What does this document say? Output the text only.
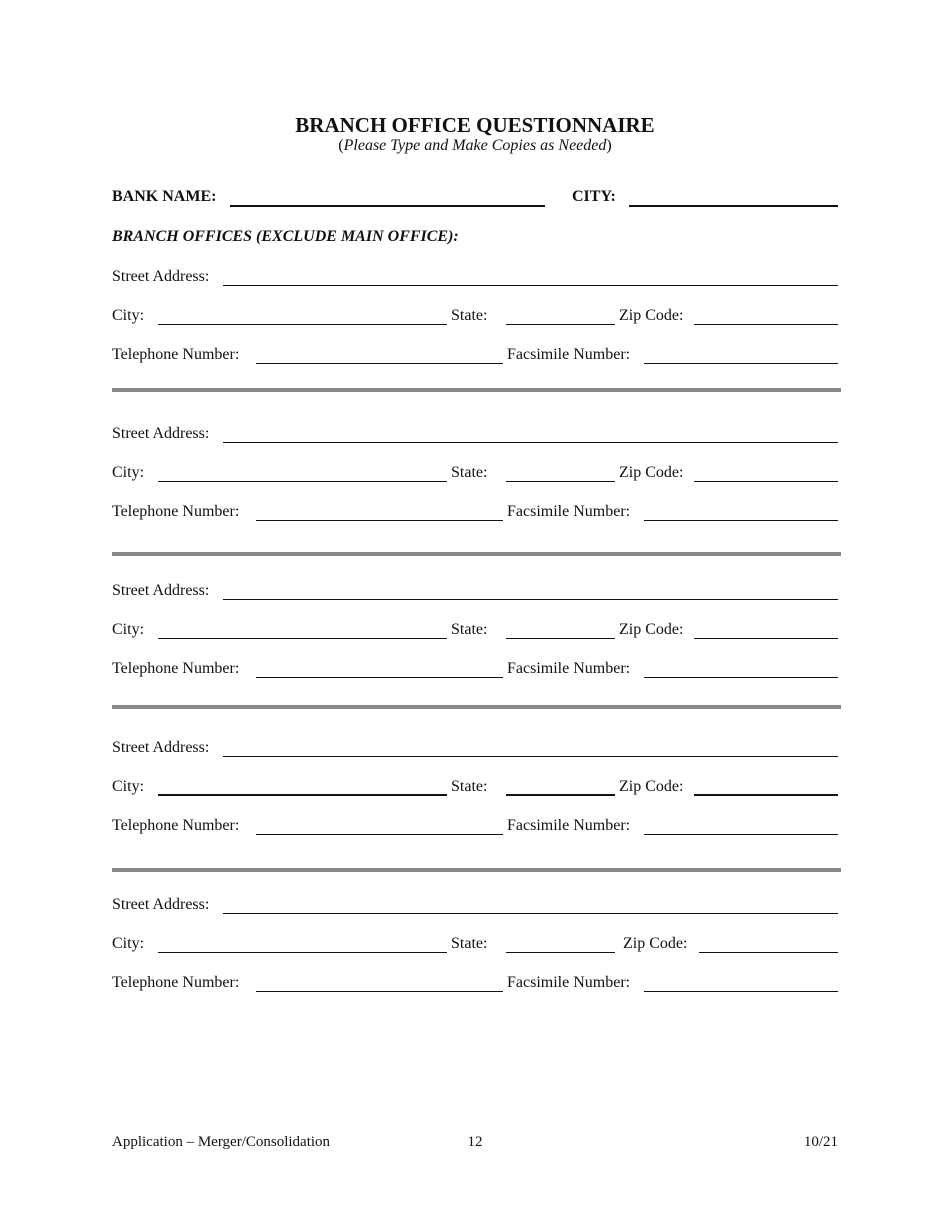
BRANCH OFFICE QUESTIONNAIRE
(Please Type and Make Copies as Needed)
BANK NAME:	CITY:
BRANCH OFFICES (EXCLUDE MAIN OFFICE):
Street Address:
City:	State:	Zip Code:
Telephone Number:	Facsimile Number:
Street Address:
City:	State:	Zip Code:
Telephone Number:	Facsimile Number:
Street Address:
City:	State:	Zip Code:
Telephone Number:	Facsimile Number:
Street Address:
City:	State:	Zip Code:
Telephone Number:	Facsimile Number:
Street Address:
City:	State:	Zip Code:
Telephone Number:	Facsimile Number:
Application – Merger/Consolidation	12	10/21
